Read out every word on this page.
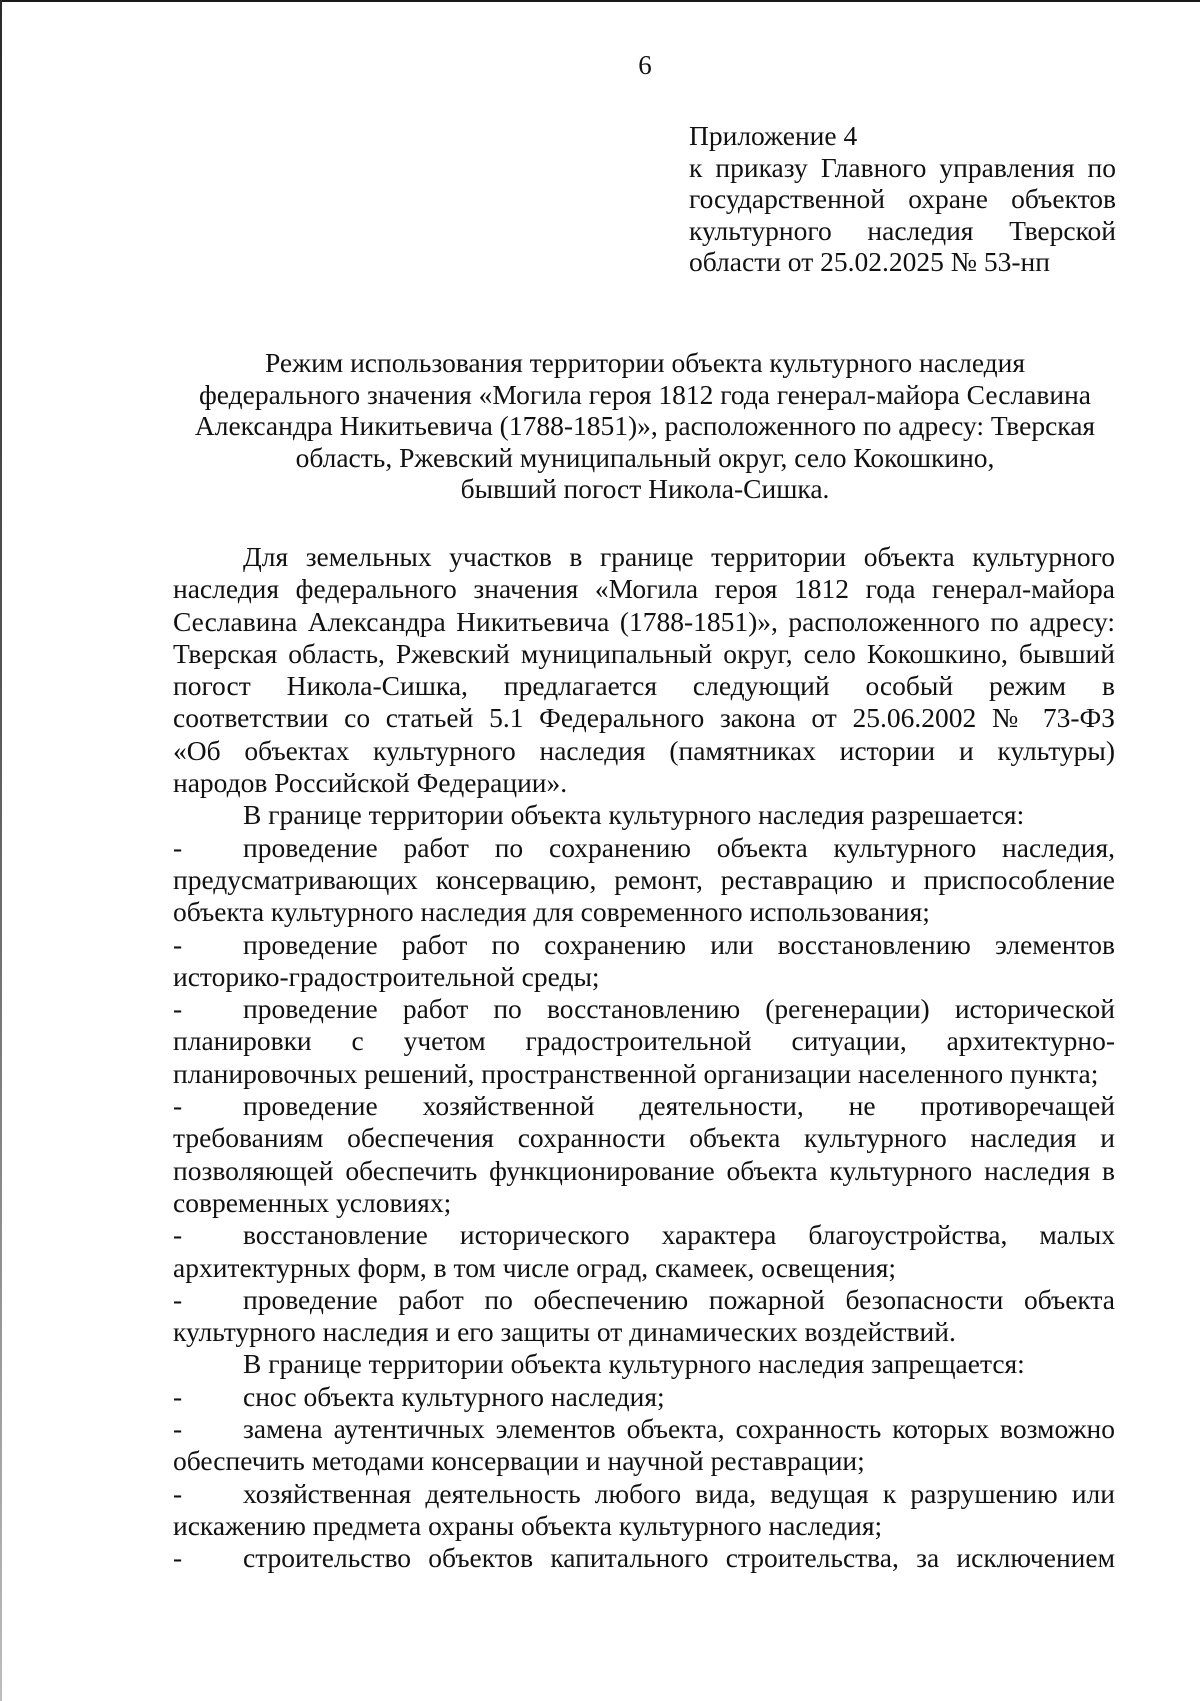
6
Приложение 4
к приказу Главного управления по
государственной охране объектов
культурного наследия Тверской
области от 25.02.2025 № 53-нп
Режим использования территории объекта культурного наследия
федерального значения «Могила героя 1812 года генерал-майора Сеславина
Александра Никитьевича (1788-1851)», расположенного по адресу: Тверская
область, Ржевский муниципальный округ, село Кокошкино,
бывший погост Никола-Сишка.
Для земельных участков в границе территории объекта культурного
наследия федерального значения «Могила героя 1812 года генерал-майора
Сеславина Александра Никитьевича (1788-1851)», расположенного по адресу:
Тверская область, Ржевский муниципальный округ, село Кокошкино, бывший
погост Никола-Сишка, предлагается следующий особый режим в
соответствии со статьей 5.1 Федерального закона от 25.06.2002 № 73-ФЗ
«Об объектах культурного наследия (памятниках истории и культуры)
народов Российской Федерации».
В границе территории объекта культурного наследия разрешается:
- проведение работ по сохранению объекта культурного наследия,
предусматривающих консервацию, ремонт, реставрацию и приспособление
объекта культурного наследия для современного использования;
- проведение работ по сохранению или восстановлению элементов
историко-градостроительной среды;
- проведение работ по восстановлению (регенерации) исторической
планировки с учетом градостроительной ситуации, архитектурно-
планировочных решений, пространственной организации населенного пункта;
- проведение хозяйственной деятельности, не противоречащей
требованиям обеспечения сохранности объекта культурного наследия и
позволяющей обеспечить функционирование объекта культурного наследия в
современных условиях;
- восстановление исторического характера благоустройства, малых
архитектурных форм, в том числе оград, скамеек, освещения;
- проведение работ по обеспечению пожарной безопасности объекта
культурного наследия и его защиты от динамических воздействий.
В границе территории объекта культурного наследия запрещается:
- снос объекта культурного наследия;
- замена аутентичных элементов объекта, сохранность которых возможно
обеспечить методами консервации и научной реставрации;
- хозяйственная деятельность любого вида, ведущая к разрушению или
искажению предмета охраны объекта культурного наследия;
- строительство объектов капитального строительства, за исключением
